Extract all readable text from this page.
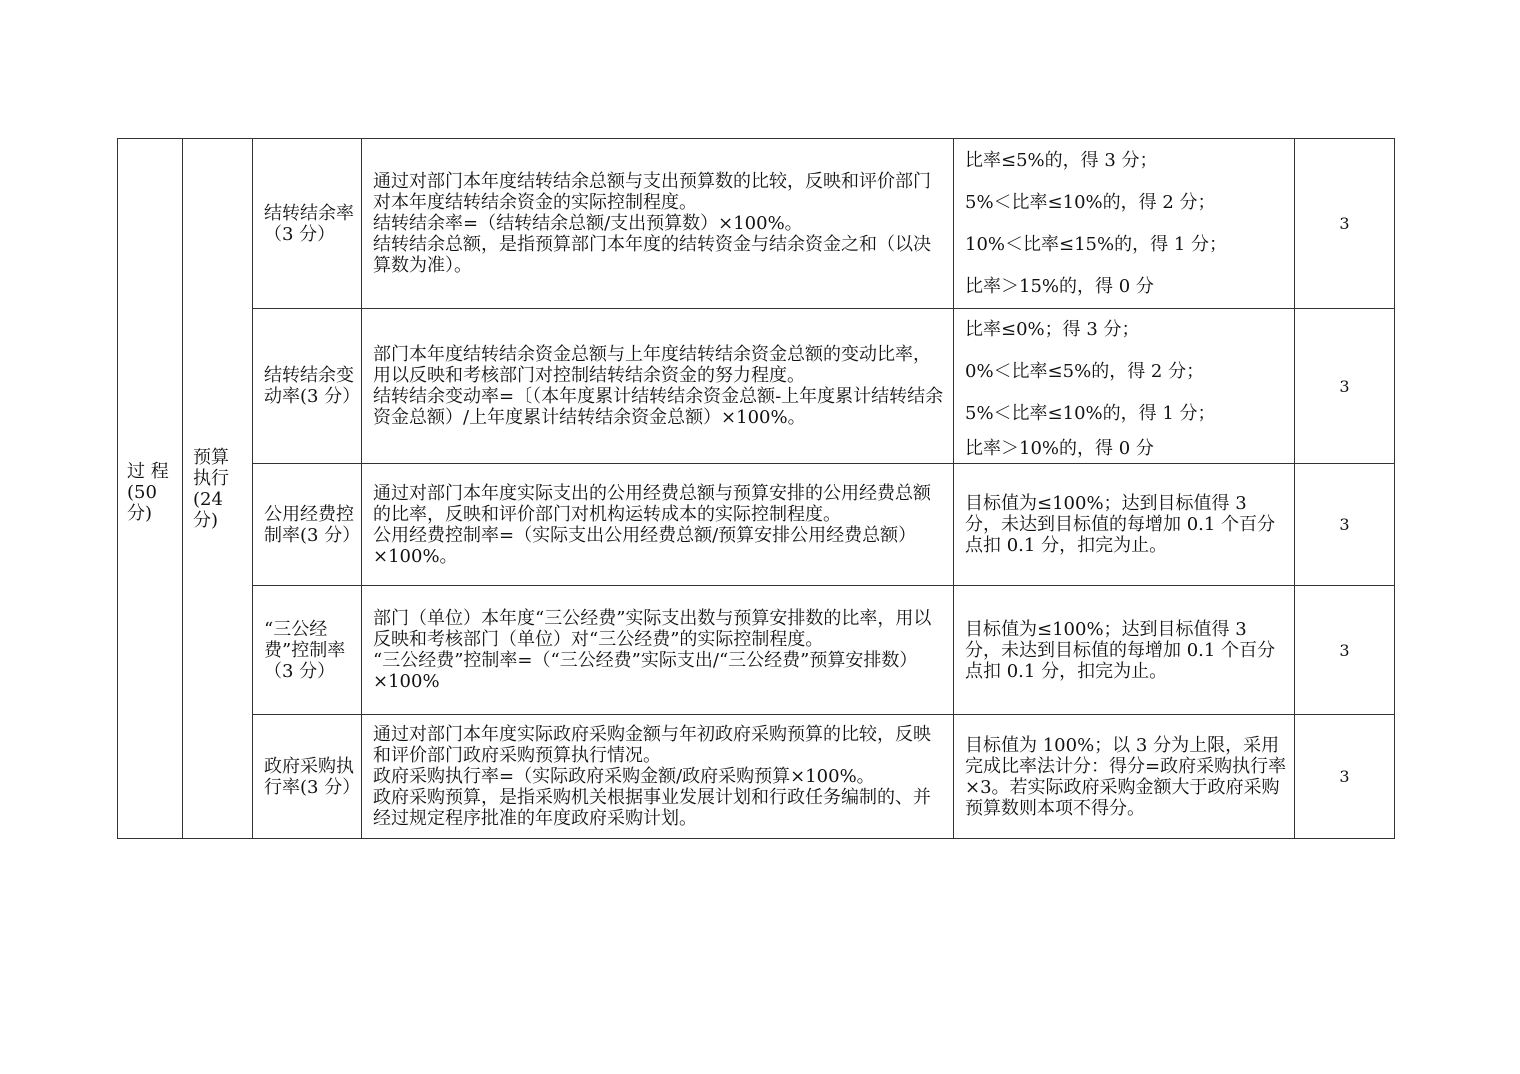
过 程 (50 分)	预算 执行 (24 分)	结转结余率（3 分）	通过对部门本年度结转结余总额与支出预算数的比较，反映和评价部门对本年度结转结余资金的实际控制程度。
结转结余率=（结转结余总额/支出预算数）×100%。
结转结余总额，是指预算部门本年度的结转资金与结余资金之和（以决算数为准）。	比率≤5%的，得 3 分；
5%＜比率≤10%的，得 2 分；
10%＜比率≤15%的，得 1 分；
比率＞15%的，得 0 分	3
		结转结余变动率(3 分）	部门本年度结转结余资金总额与上年度结转结余资金总额的变动比率，用以反映和考核部门对控制结转结余资金的努力程度。
结转结余变动率=〔（本年度累计结转结余资金总额-上年度累计结转结余资金总额）/上年度累计结转结余资金总额）×100%。	比率≤0%；得 3 分；
0%＜比率≤5%的，得 2 分；
5%＜比率≤10%的，得 1 分；
比率＞10%的，得 0 分	3
		公用经费控制率(3 分）	通过对部门本年度实际支出的公用经费总额与预算安排的公用经费总额的比率，反映和评价部门对机构运转成本的实际控制程度。
公用经费控制率=（实际支出公用经费总额/预算安排公用经费总额）×100%。	目标值为≤100%；达到目标值得 3 分，未达到目标值的每增加 0.1 个百分点扣 0.1 分，扣完为止。	3
		“三公经费”控制率（3 分）	部门（单位）本年度“三公经费”实际支出数与预算安排数的比率，用以反映和考核部门（单位）对“三公经费”的实际控制程度。
“三公经费”控制率=（“三公经费”实际支出/“三公经费”预算安排数）×100%	目标值为≤100%；达到目标值得 3 分，未达到目标值的每增加 0.1 个百分点扣 0.1 分，扣完为止。	3
		政府采购执行率(3 分）	通过对部门本年度实际政府采购金额与年初政府采购预算的比较，反映和评价部门政府采购预算执行情况。
政府采购执行率=（实际政府采购金额/政府采购预算×100%。
政府采购预算，是指采购机关根据事业发展计划和行政任务编制的、并经过规定程序批准的年度政府采购计划。	目标值为 100%；以 3 分为上限，采用完成比率法计分：得分=政府采购执行率×3。若实际政府采购金额大于政府采购预算数则本项不得分。	3
